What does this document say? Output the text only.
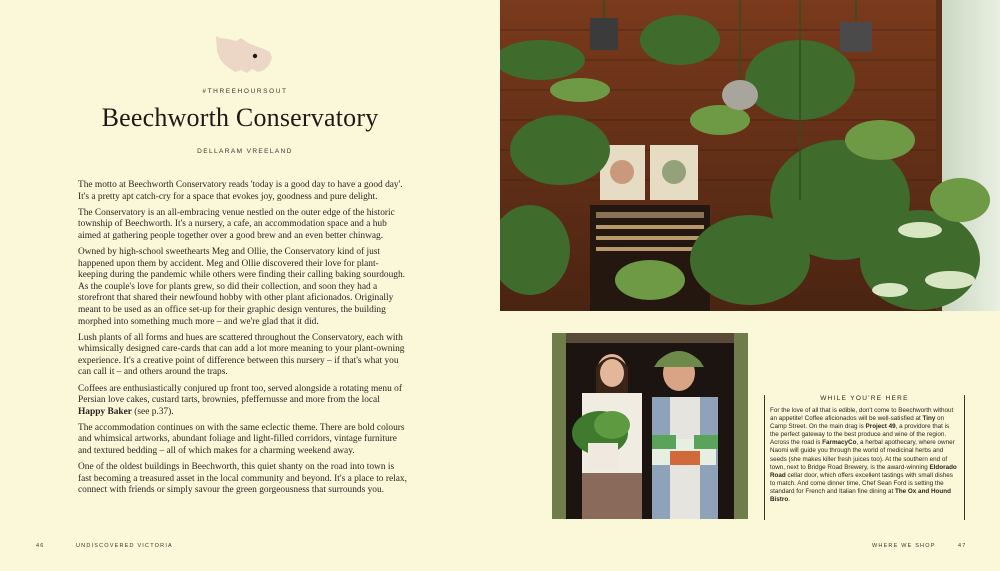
#THREEHOURSOUT
Beechworth Conservatory
DELLARAM VREELAND

The motto at Beechworth Conservatory reads 'today is a good day to have a good day'. It's a pretty apt catch-cry for a space that evokes joy, goodness and pure delight.

The Conservatory is an all-embracing venue nestled on the outer edge of the historic township of Beechworth. It's a nursery, a cafe, an accommodation space and a hub aimed at gathering people together over a good brew and an even better chinwag.

Owned by high-school sweethearts Meg and Ollie, the Conservatory kind of just happened upon them by accident. Meg and Ollie discovered their love for plant-keeping during the pandemic while others were finding their calling baking sourdough. As the couple's love for plants grew, so did their collection, and soon they had a storefront that shared their newfound hobby with other plant aficionados. Originally meant to be used as an office set-up for their graphic design ventures, the building morphed into something much more – and we're glad that it did.

Lush plants of all forms and hues are scattered throughout the Conservatory, each with whimsically designed care-cards that can add a lot more meaning to your plant-owning experience. It's a creative point of difference between this nursery – if that's what you can call it – and others around the traps.

Coffees are enthusiastically conjured up front too, served alongside a rotating menu of Persian love cakes, custard tarts, brownies, pfeffernusse and more from the local Happy Baker (see p.37).

The accommodation continues on with the same eclectic theme. There are bold colours and whimsical artworks, abundant foliage and light-filled corridors, vintage furniture and textured bedding – all of which makes for a charming weekend away.

One of the oldest buildings in Beechworth, this quiet shanty on the road into town is fast becoming a treasured asset in the local community and beyond. It's a place to relax, connect with friends or simply savour the green gorgeousness that surrounds you.

46	UNDISCOVERED VICTORIA
WHILE YOU'RE HERE
For the love of all that is edible, don't come to Beechworth without an appetite! Coffee aficionados will be well-satisfied at Tiny on Camp Street. On the main drag is Project 49, a providore that is the perfect gateway to the best produce and wine of the region. Across the road is FarmacyCo, a herbal apothecary, where owner Naomi will guide you through the world of medicinal herbs and seeds (she makes killer fresh juices too). At the southern end of town, next to Bridge Road Brewery, is the award-winning Eldorado Road cellar door, which offers excellent tastings with small dishes to match. And come dinner time, Chef Sean Ford is setting the standard for French and Italian fine dining at The Ox and Hound Bistro.
WHERE WE SHOP	47
